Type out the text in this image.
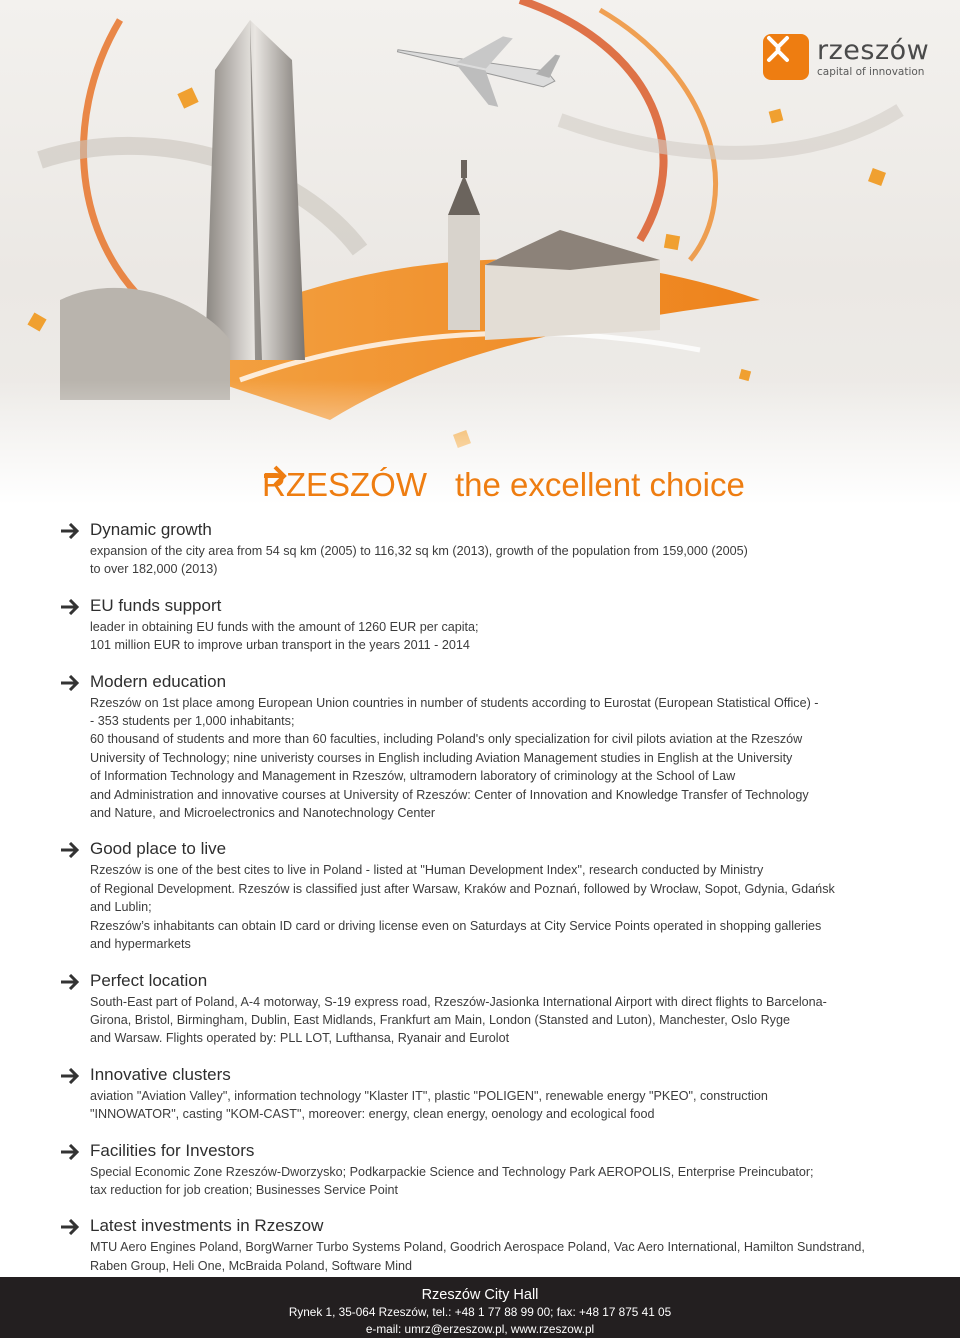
rzeszów
capital of innovation
RZESZÓW the excellent choice
Dynamic growth
expansion of the city area from 54 sq km (2005) to 116,32 sq km (2013), growth of the population from 159,000 (2005)
to over 182,000 (2013)
EU funds support
leader in obtaining EU funds with the amount of 1260 EUR per capita;
101 million EUR to improve urban transport in the years 2011 - 2014
Modern education
Rzeszów on 1st place among European Union countries in number of students according to Eurostat (European Statistical Office) -
- 353 students per 1,000 inhabitants;
60 thousand of students and more than 60 faculties, including Poland's only specialization for civil pilots aviation at the Rzeszów
University of Technology; nine univeristy courses in English including Aviation Management studies in English at the University
of Information Technology and Management in Rzeszów, ultramodern laboratory of criminology at the School of Law
and Administration and innovative courses at University of Rzeszów: Center of Innovation and Knowledge Transfer of Technology
and Nature, and Microelectronics and Nanotechnology Center
Good place to live
Rzeszów is one of the best cites to live in Poland - listed at "Human Development Index", research conducted by Ministry
of Regional Development. Rzeszów is classified just after Warsaw, Kraków and Poznań, followed by Wrocław, Sopot, Gdynia, Gdańsk
and Lublin;
Rzeszów’s inhabitants can obtain ID card or driving license even on Saturdays at City Service Points operated in shopping galleries
and hypermarkets
Perfect location
South-East part of Poland, A-4 motorway, S-19 express road, Rzeszów-Jasionka International Airport with direct flights to Barcelona-
Girona, Bristol, Birmingham, Dublin, East Midlands, Frankfurt am Main, London (Stansted and Luton), Manchester, Oslo Ryge
and Warsaw. Flights operated by: PLL LOT, Lufthansa, Ryanair and Eurolot
Innovative clusters
aviation "Aviation Valley", information technology "Klaster IT", plastic "POLIGEN", renewable energy "PKEO", construction
"INNOWATOR", casting "KOM-CAST", moreover: energy, clean energy, oenology and ecological food
Facilities for Investors
Special Economic Zone Rzeszów-Dworzysko; Podkarpackie Science and Technology Park AEROPOLIS, Enterprise Preincubator;
tax reduction for job creation; Businesses Service Point
Latest investments in Rzeszow
MTU Aero Engines Poland, BorgWarner Turbo Systems Poland, Goodrich Aerospace Poland, Vac Aero International, Hamilton Sundstrand,
Raben Group, Heli One, McBraida Poland, Software Mind
Rzeszów City Hall
Rynek 1, 35-064 Rzeszów, tel.: +48 1 77 88 99 00; fax: +48 17 875 41 05
e-mail: umrz@erzeszow.pl, www.rzeszow.pl
